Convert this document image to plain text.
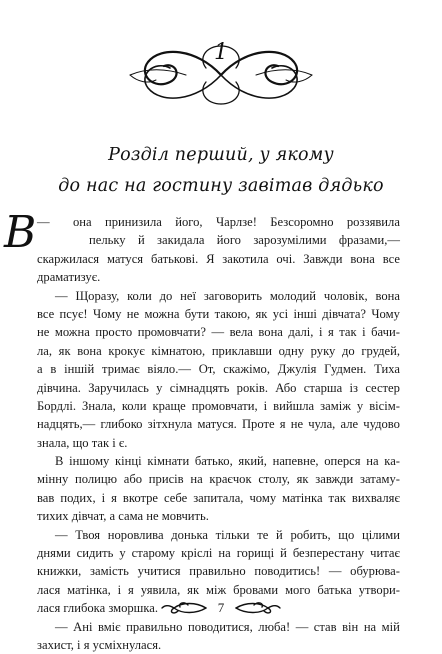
1
Розділ перший, у якому
до нас на гостину завітав дядько
В —	она принизила його, Чарлзе! Безсоромно роззявила
пельку й закидала його зарозумілими фразами,—
скаржилася матуся батькові. Я закотила очі. Завжди вона все
драматизує.
— Щоразу, коли до неї заговорить молодий чоловік, вона
все псує! Чому не можна бути такою, як усі інші дівчата? Чому
не можна просто промовчати? — вела вона далі, і я так і бачи-
ла, як вона крокує кімнатою, приклавши одну руку до грудей,
а в іншій тримає віяло.— От, скажімо, Джулія Гудмен. Тиха
дівчина. Заручилась у сімнадцять років. Або старша із сестер
Бордлі. Знала, коли краще промовчати, і вийшла заміж у вісім-
надцять,— глибоко зітхнула матуся. Проте я не чула, але чудово
знала, що так і є.
В іншому кінці кімнати батько, який, напевне, оперся на ка-
мінну полицю або присів на краєчок столу, як завжди затаму-
вав подих, і я вкотре себе запитала, чому матінка так вихваляє
тихих дівчат, а сама не мовчить.
— Твоя норовлива донька тільки те й робить, що цілими
днями сидить у старому кріслі на горищі й безперестану читає
книжки, замість учитися правильно поводитись! — обурюва-
лася матінка, і я уявила, як між бровами мого батька утвори-
лася глибока зморшка.
— Ані вміє правильно поводитися, люба! — став він на мій
захист, і я усміхнулася.
7
